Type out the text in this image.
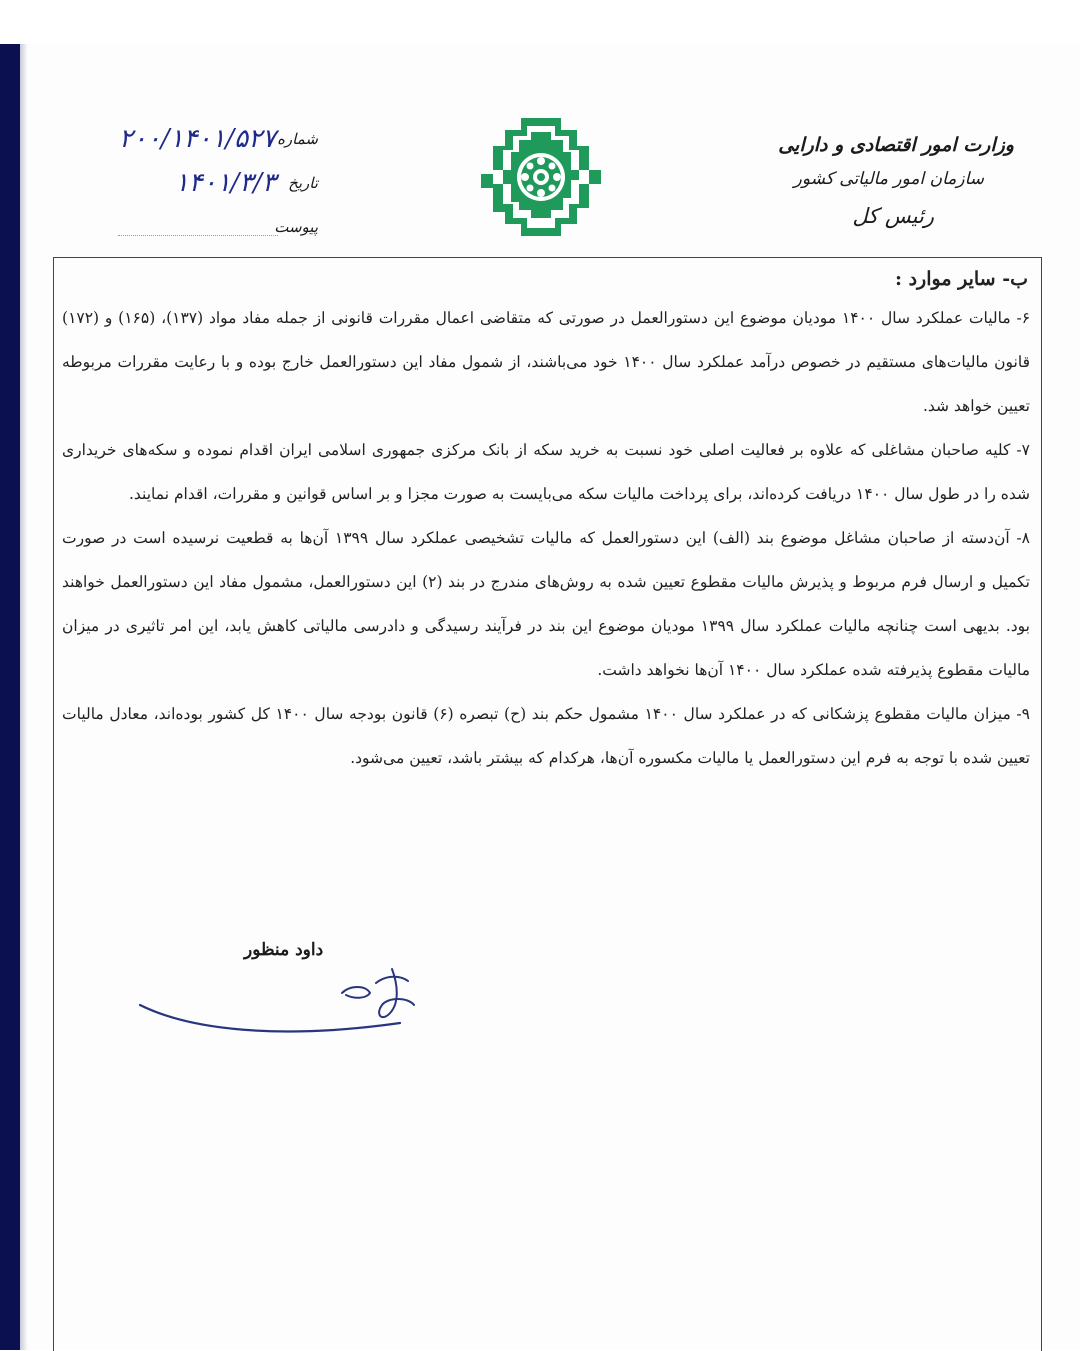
وزارت امور اقتصادی و دارایی
سازمان امور مالیاتی کشور
رئیس کل
شماره
۲۰۰/۱۴۰۱/۵۲۷
تاریخ
۱۴۰۱/۳/۳
پیوست

ب- سایر موارد :

۶- مالیات عملکرد سال ۱۴۰۰ مودیان موضوع این دستورالعمل در صورتی که متقاضی اعمال مقررات قانونی از جمله مفاد مواد (۱۳۷)، (۱۶۵) و (۱۷۲) قانون مالیات‌های مستقیم در خصوص درآمد عملکرد سال ۱۴۰۰ خود می‌باشند، از شمول مفاد این دستورالعمل خارج بوده و با رعایت مقررات مربوطه تعیین خواهد شد.

۷- کلیه صاحبان مشاغلی که علاوه بر فعالیت اصلی خود نسبت به خرید سکه از بانک مرکزی جمهوری اسلامی ایران اقدام نموده و سکه‌های خریداری شده را در طول سال ۱۴۰۰ دریافت کرده‌اند، برای پرداخت مالیات سکه می‌بایست به صورت مجزا و بر اساس قوانین و مقررات، اقدام نمایند.

۸- آن‌دسته از صاحبان مشاغل موضوع بند (الف) این دستورالعمل که مالیات تشخیصی عملکرد سال ۱۳۹۹ آن‌ها به قطعیت نرسیده است در صورت تکمیل و ارسال فرم مربوط و پذیرش مالیات مقطوع تعیین شده به روش‌های مندرج در بند (۲) این دستورالعمل، مشمول مفاد این دستورالعمل خواهند بود. بدیهی است چنانچه مالیات عملکرد سال ۱۳۹۹ مودیان موضوع این بند در فرآیند رسیدگی و دادرسی مالیاتی کاهش یابد، این امر تاثیری در میزان مالیات مقطوع پذیرفته شده عملکرد سال ۱۴۰۰ آن‌ها نخواهد داشت.

۹- میزان مالیات مقطوع پزشکانی که در عملکرد سال ۱۴۰۰ مشمول حکم بند (ح) تبصره (۶) قانون بودجه سال ۱۴۰۰ کل کشور بوده‌اند، معادل مالیات تعیین شده با توجه به فرم این دستورالعمل یا مالیات مکسوره آن‌ها، هرکدام که بیشتر باشد، تعیین می‌شود.

داود منظور
